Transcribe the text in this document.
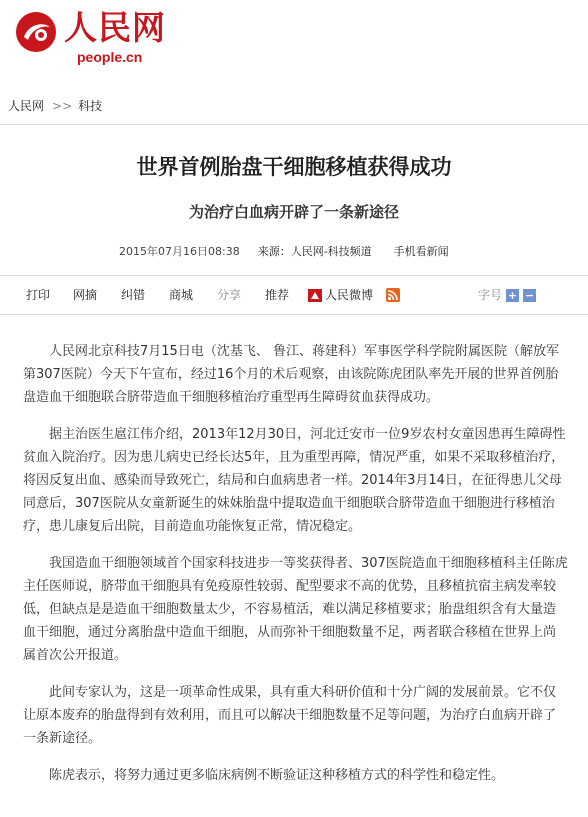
人民网
people.cn
人民网 >> 科技
世界首例胎盘干细胞移植获得成功
为治疗白血病开辟了一条新途径
2015年07月16日08:38 来源：人民网-科技频道 手机看新闻
打印 网摘 纠错 商城 分享 推荐	人民微博	字号 + −

人民网北京科技7月15日电（沈基飞、 鲁江、蒋建科）军事医学科学院附属医院（解放军第307医院）今天下午宣布，经过16个月的术后观察，由该院陈虎团队率先开展的世界首例胎盘造血干细胞联合脐带造血干细胞移植治疗重型再生障碍贫血获得成功。

据主治医生扈江伟介绍，2013年12月30日，河北迁安市一位9岁农村女童因患再生障碍性贫血入院治疗。因为患儿病史已经长达5年，且为重型再障，情况严重，如果不采取移植治疗，将因反复出血、感染而导致死亡，结局和白血病患者一样。2014年3月14日，在征得患儿父母同意后，307医院从女童新诞生的妹妹胎盘中提取造血干细胞联合脐带造血干细胞进行移植治疗，患儿康复后出院，目前造血功能恢复正常，情况稳定。

我国造血干细胞领域首个国家科技进步一等奖获得者、307医院造血干细胞移植科主任陈虎主任医师说，脐带血干细胞具有免疫原性较弱、配型要求不高的优势，且移植抗宿主病发率较低，但缺点是是造血干细胞数量太少，不容易植活，难以满足移植要求；胎盘组织含有大量造血干细胞，通过分离胎盘中造血干细胞，从而弥补干细胞数量不足，两者联合移植在世界上尚属首次公开报道。

此间专家认为，这是一项革命性成果，具有重大科研价值和十分广阔的发展前景。它不仅让原本废弃的胎盘得到有效利用，而且可以解决干细胞数量不足等问题，为治疗白血病开辟了一条新途径。

陈虎表示，将努力通过更多临床病例不断验证这种移植方式的科学性和稳定性。
